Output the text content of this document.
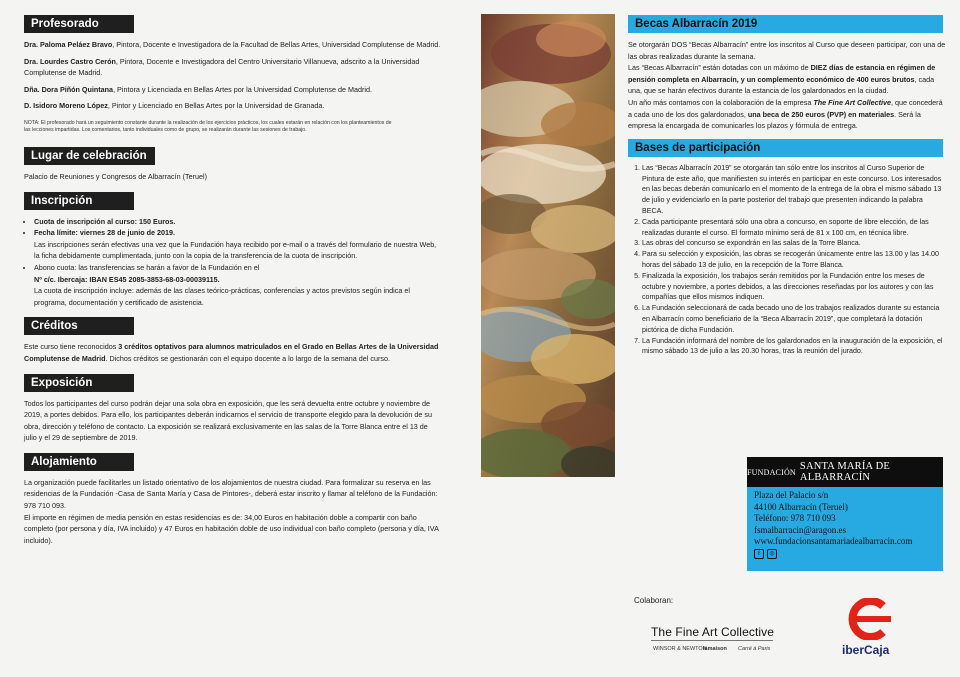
Profesorado

Dra. Paloma Peláez Bravo, Pintora, Docente e Investigadora de la Facultad de Bellas Artes, Universidad Complutense de Madrid.

Dra. Lourdes Castro Cerón, Pintora, Docente e Investigadora del Centro Universitario Villanueva, adscrito a la Universidad Complutense de Madrid.

Dña. Dora Piñón Quintana, Pintora y Licenciada en Bellas Artes por la Universidad Complutense de Madrid.

D. Isidoro Moreno López, Pintor y Licenciado en Bellas Artes por la Universidad de Granada.

NOTA: El profesorado hará un seguimiento constante durante la realización de los ejercicios prácticos, los cuales estarán en relación con los planteamientos de las lecciones impartidas. Los comentarios, tanto individuales como de grupo, se realizarán durante las sesiones de trabajo.

Lugar de celebración

Palacio de Reuniones y Congresos de Albarracín (Teruel)

Inscripción
• Cuota de inscripción al curso: 150 Euros.
• Fecha límite: viernes 28 de junio de 2019.
Las inscripciones serán efectivas una vez que la Fundación haya recibido por e-mail o a través del formulario de nuestra Web, la ficha debidamente cumplimentada, junto con la copia de la transferencia de la cuota de inscripción.
• Abono cuota: las transferencias se harán a favor de la Fundación en el
Nº c/c. Ibercaja: IBAN ES45 2085-3853-68-03-00039115.
La cuota de inscripción incluye: además de las clases teórico-prácticas, conferencias y actos previstos según indica el programa, documentación y certificado de asistencia.
Créditos

Este curso tiene reconocidos 3 créditos optativos para alumnos matriculados en el Grado en Bellas Artes de la Universidad Complutense de Madrid. Dichos créditos se gestionarán con el equipo docente a lo largo de la semana del curso.

Exposición

Todos los participantes del curso podrán dejar una sola obra en exposición, que les será devuelta entre octubre y noviembre de 2019, a portes debidos. Para ello, los participantes deberán indicarnos el servicio de transporte elegido para la devolución de su obra, dirección y teléfono de contacto. La exposición se realizará exclusivamente en las salas de la Torre Blanca entre el 13 de julio y el 29 de septiembre de 2019.

Alojamiento

La organización puede facilitarles un listado orientativo de los alojamientos de nuestra ciudad. Para formalizar su reserva en las residencias de la Fundación -Casa de Santa María y Casa de Pintores-, deberá estar inscrito y llamar al teléfono de la Fundación: 978 710 093.

El importe en régimen de media pensión en estas residencias es de: 34,00 Euros en habitación doble a compartir con baño completo (por persona y día, IVA incluido) y 47 Euros en habitación doble de uso individual con baño completo (persona y día, IVA incluido).

Becas Albarracín 2019

Se otorgarán DOS “Becas Albarracín” entre los inscritos al Curso que deseen participar, con una de las obras realizadas durante la semana.

Las “Becas Albarracín” están dotadas con un máximo de DIEZ días de estancia en régimen de pensión completa en Albarracín, y un complemento económico de 400 euros brutos, cada una, que se harán efectivos durante la estancia de los galardonados en la ciudad.

Un año más contamos con la colaboración de la empresa The Fine Art Collective, que concederá a cada uno de los dos galardonados, una beca de 250 euros (PVP) en materiales. Será la empresa la encargada de comunicarles los plazos y fórmula de entrega.

Bases de participación
1. Las “Becas Albarracín 2019” se otorgarán tan sólo entre los inscritos al Curso Superior de Pintura de este año, que manifiesten su interés en participar en este concurso. Los interesados en las becas deberán comunicarlo en el momento de la entrega de la obra el mismo sábado 13 de julio y evidenciarlo en la parte posterior del trabajo que presenten indicando la palabra BECA.
2. Cada participante presentará sólo una obra a concurso, en soporte de libre elección, de las realizadas durante el curso. El formato mínimo será de 81 x 100 cm, en técnica libre.
3. Las obras del concurso se expondrán en las salas de la Torre Blanca.
4. Para su selección y exposición, las obras se recogerán únicamente entre las 13.00 y las 14.00 horas del sábado 13 de julio, en la recepción de la Torre Blanca.
5. Finalizada la exposición, los trabajos serán remitidos por la Fundación entre los meses de octubre y noviembre, a portes debidos, a las direcciones reseñadas por los autores y con las compañías que ellos mismos indiquen.
6. La Fundación seleccionará de cada becado uno de los trabajos realizados durante su estancia en Albarracín como beneficiario de la “Beca Albarracín 2019”, que completará la dotación pictórica de dicha Fundación.
7. La Fundación informará del nombre de los galardonados en la inauguración de la exposición, el mismo sábado 13 de julio a las 20.30 horas, tras la reunión del jurado.
FUNDACIÓN SANTA MARÍA DE ALBARRACÍN
Plaza del Palacio s/n
44100 Albarracín (Teruel)
Teléfono: 978 710 093
fsmalbarracin@aragon.es
www.fundacionsantamariadealbarracin.com
f	◎
Colaboran:
The Fine Art Collective
WINSOR & NEWTON
lamaison Carré à Paris	iberCaja
